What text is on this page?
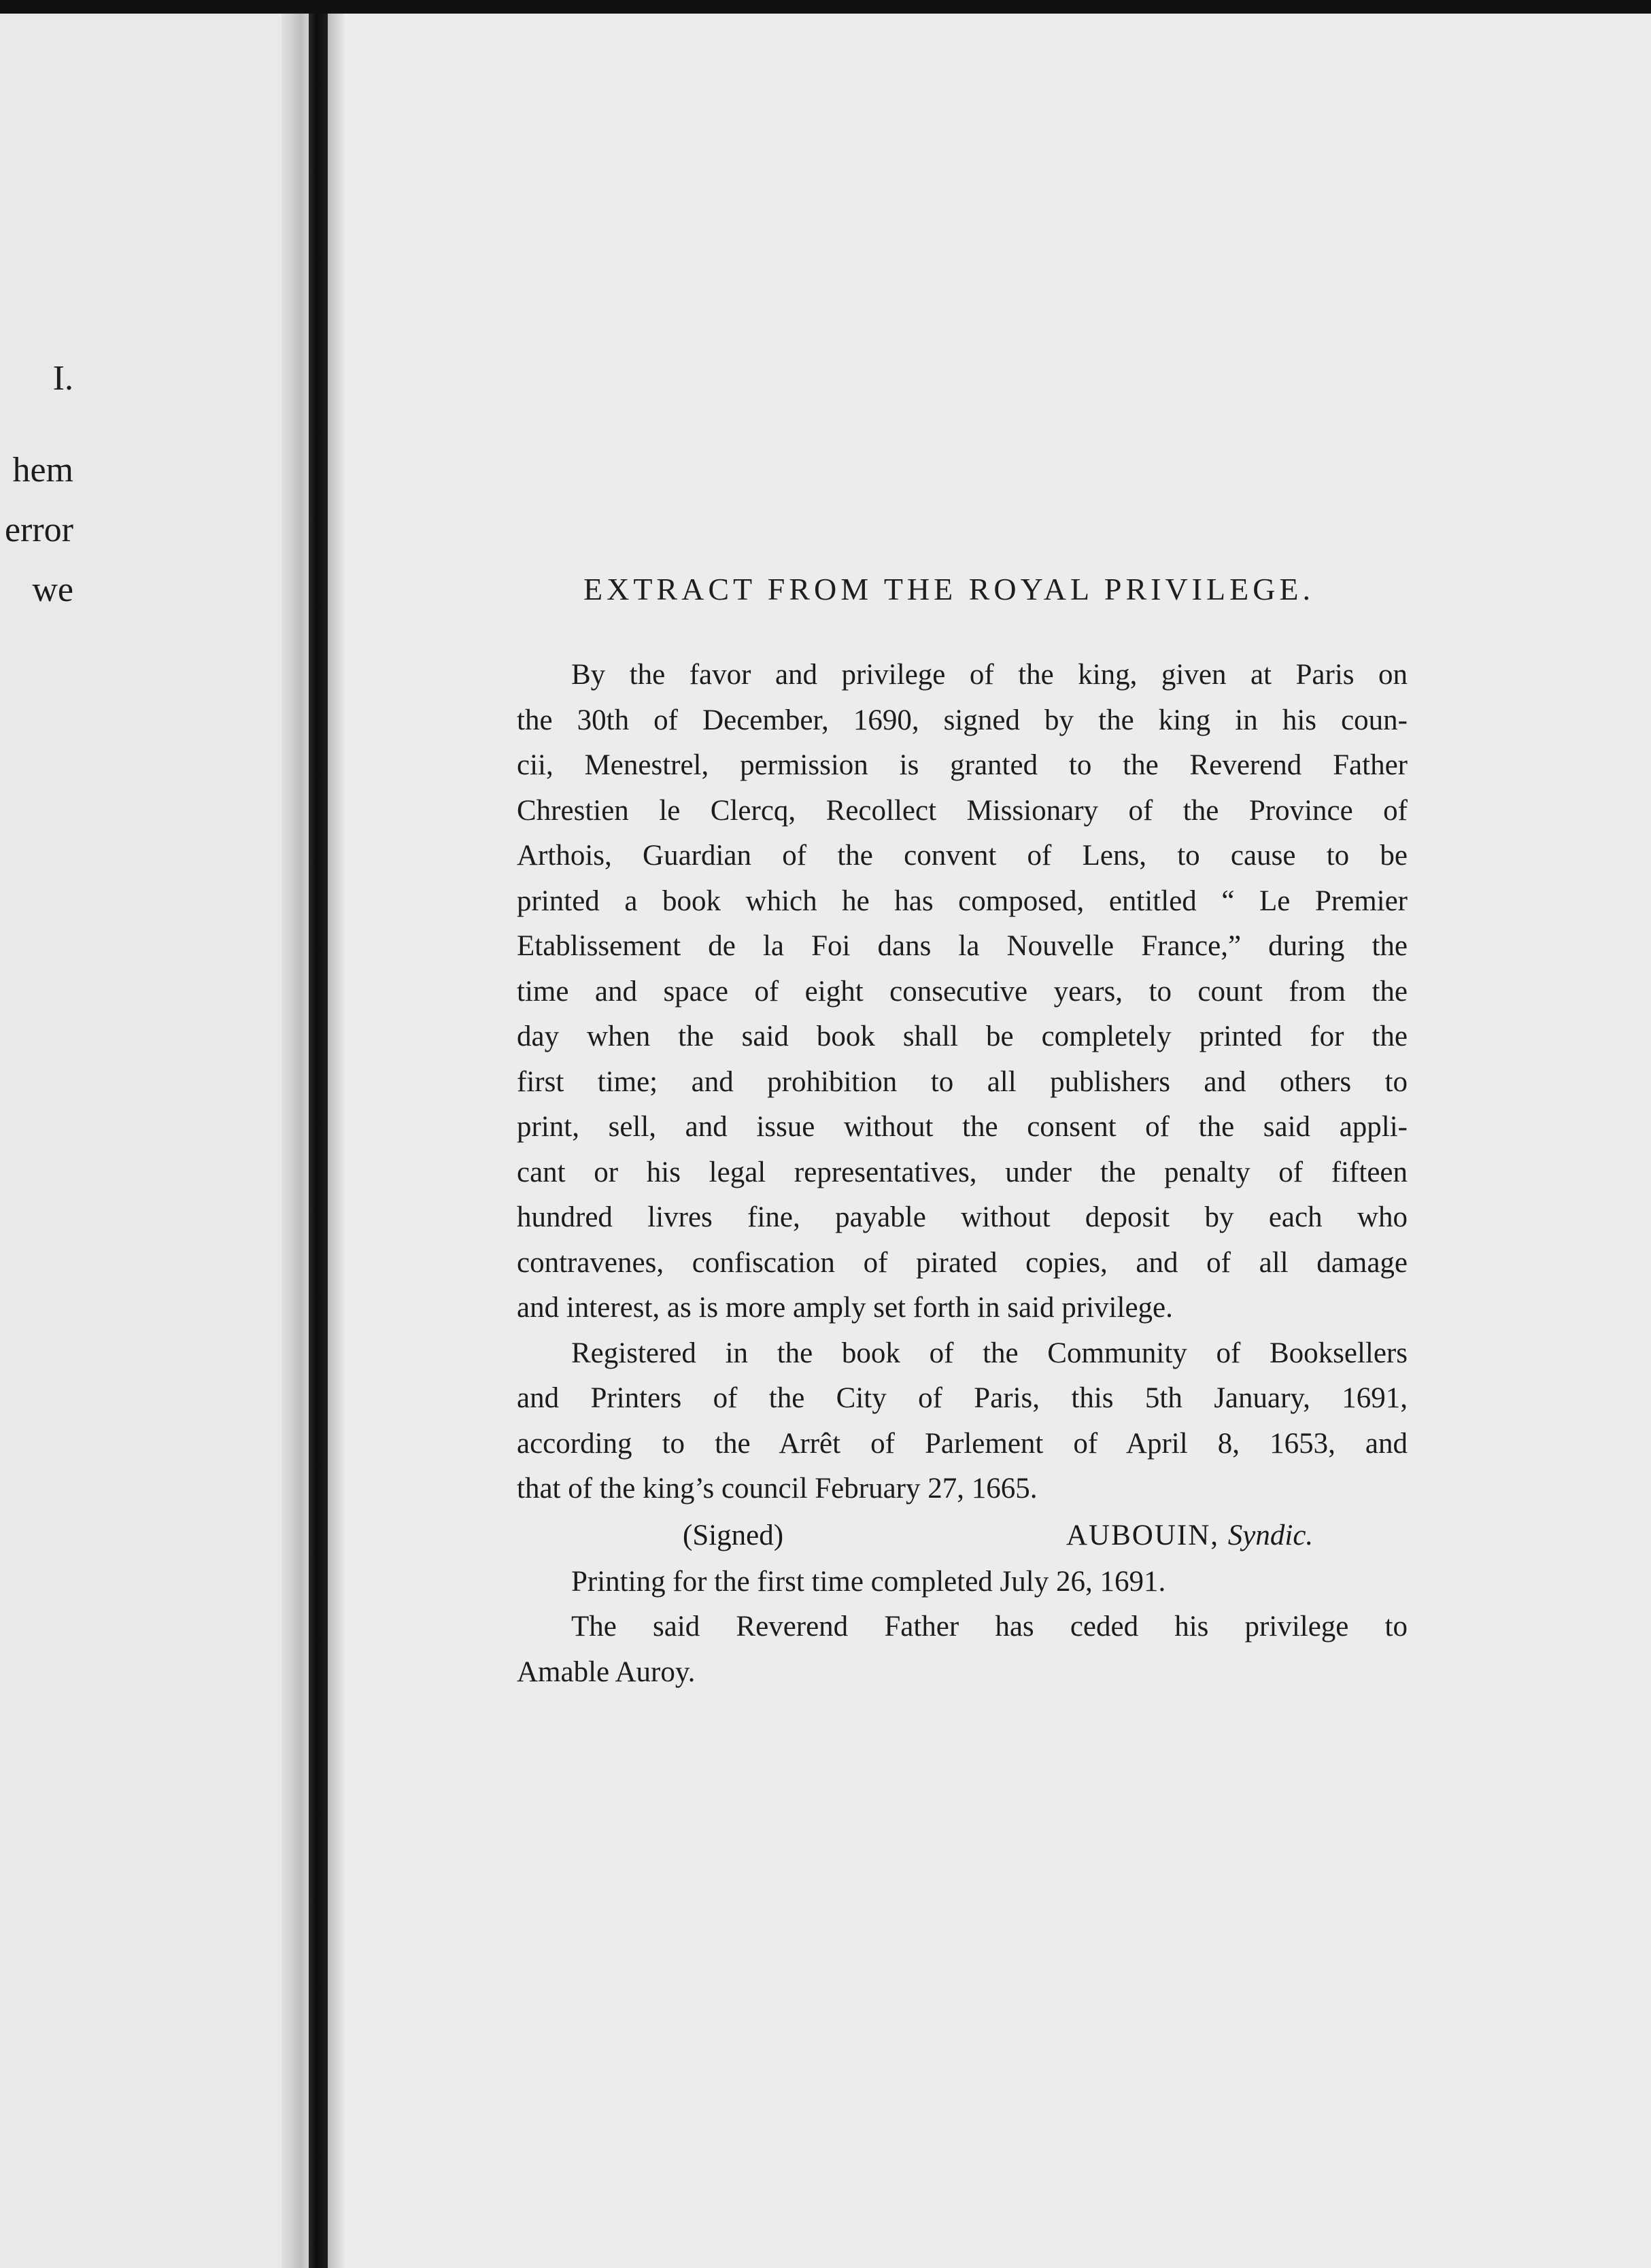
I.
hem
error
we	EXTRACT FROM THE ROYAL PRIVILEGE.
By the favor and privilege of the king, given at Paris on
the 30th of December, 1690, signed by the king in his coun-
cii, Menestrel, permission is granted to the Reverend Father
Chrestien le Clercq, Recollect Missionary of the Province of
Arthois, Guardian of the convent of Lens, to cause to be
printed a book which he has composed, entitled “ Le Premier
Etablissement de la Foi dans la Nouvelle France,” during the
time and space of eight consecutive years, to count from the
day when the said book shall be completely printed for the
first time; and prohibition to all publishers and others to
print, sell, and issue without the consent of the said appli-
cant or his legal representatives, under the penalty of fifteen
hundred livres fine, payable without deposit by each who
contravenes, confiscation of pirated copies, and of all damage
and interest, as is more amply set forth in said privilege.
Registered in the book of the Community of Booksellers
and Printers of the City of Paris, this 5th January, 1691,
according to the Arrêt of Parlement of April 8, 1653, and
that of the king’s council February 27, 1665.
(Signed)	AUBOUIN, Syndic.
Printing for the first time completed July 26, 1691.
The said Reverend Father has ceded his privilege to
Amable Auroy.
